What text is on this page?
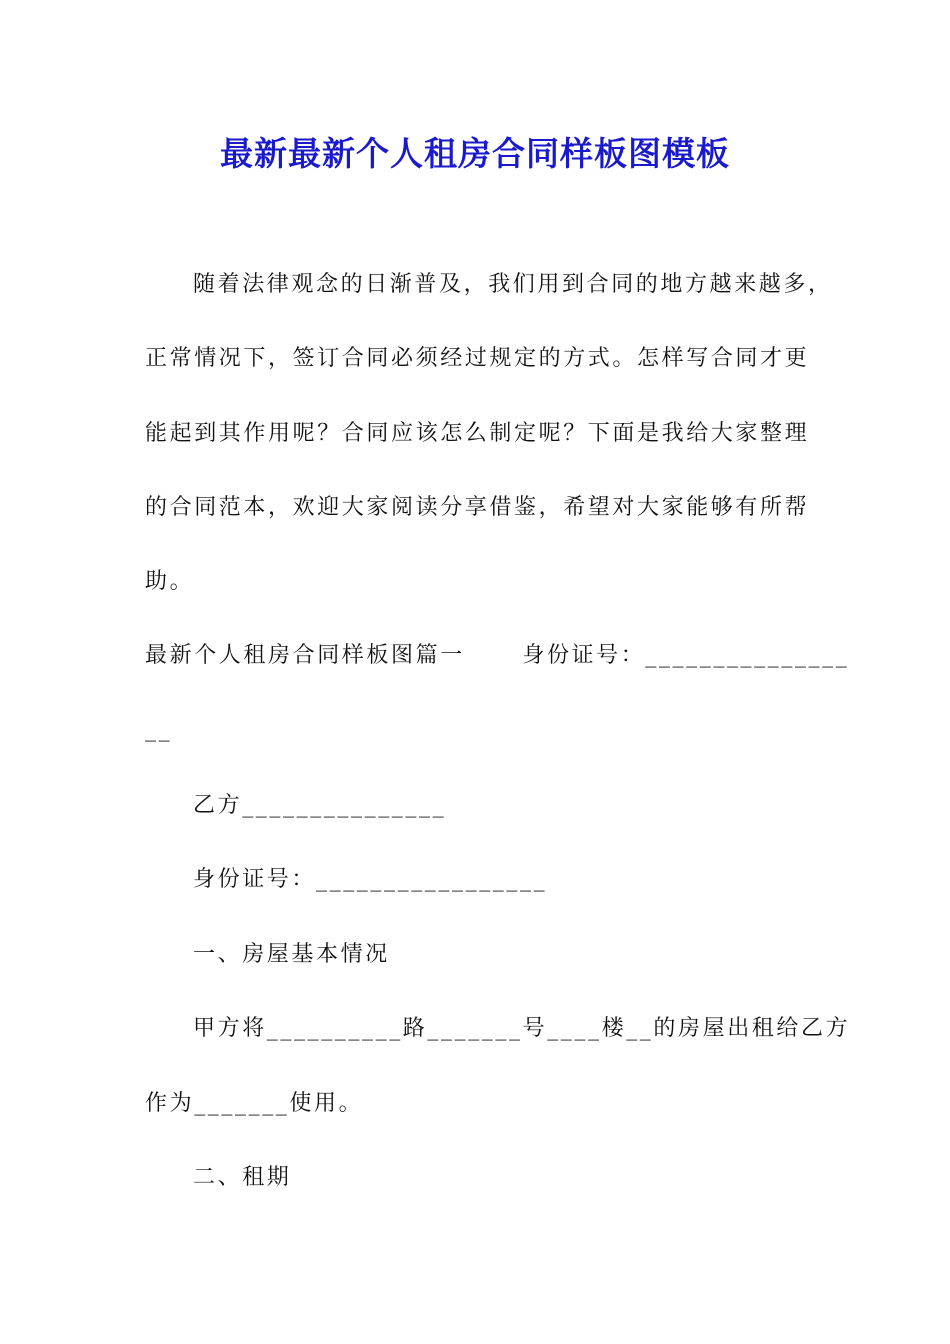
最新最新个人租房合同样板图模板
随着法律观念的日渐普及，我们用到合同的地方越来越多，
正常情况下，签订合同必须经过规定的方式。怎样写合同才更
能起到其作用呢？合同应该怎么制定呢？下面是我给大家整理
的合同范本，欢迎大家阅读分享借鉴，希望对大家能够有所帮
助。
最新个人租房合同样板图篇一      身份证号：_______________
__
乙方_______________
身份证号：_________________
一、房屋基本情况
甲方将__________路_______号____楼__的房屋出租给乙方
作为_______使用。
二、租期
